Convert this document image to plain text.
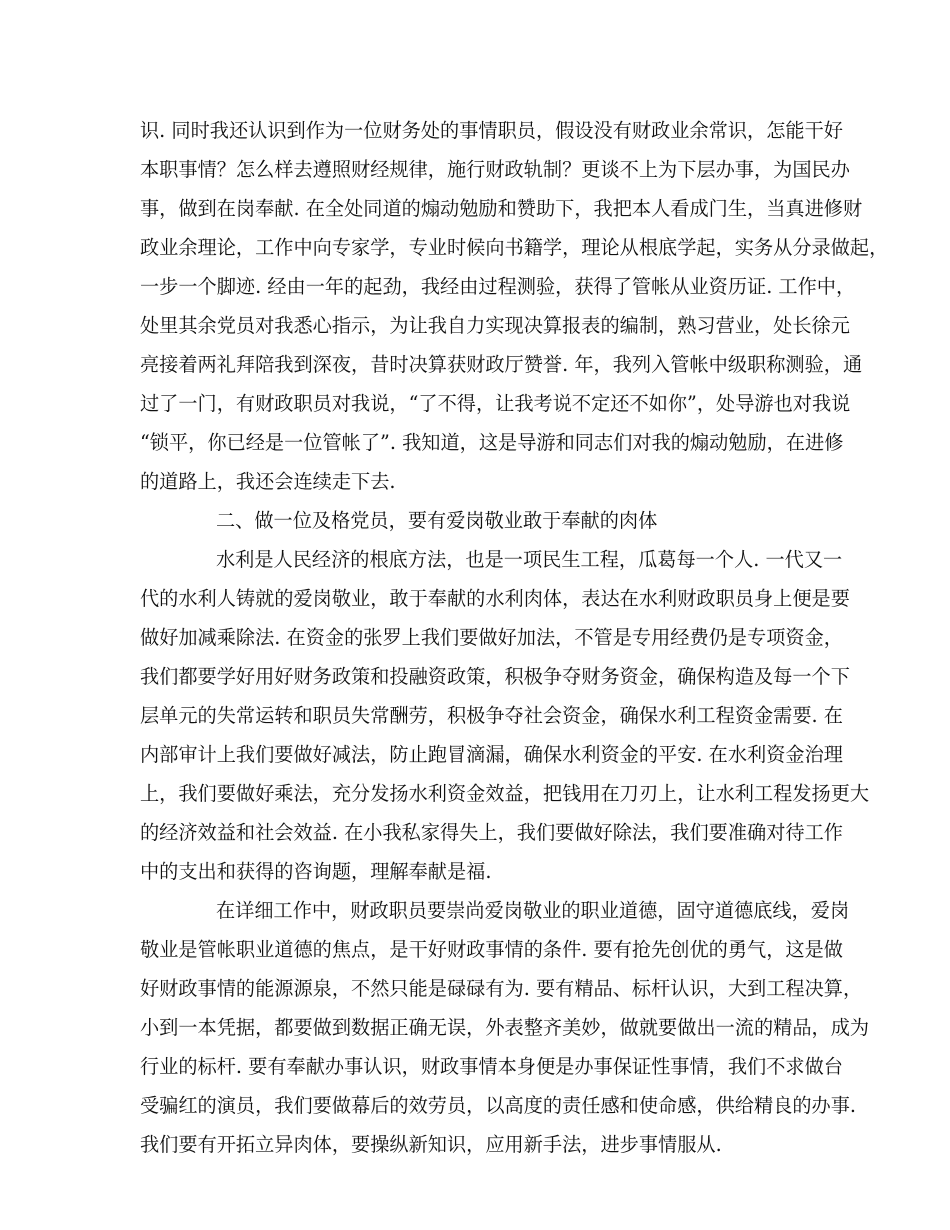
识. 同时我还认识到作为一位财务处的事情职员，假设没有财政业余常识，怎能干好
本职事情？怎么样去遵照财经规律，施行财政轨制？更谈不上为下层办事，为国民办
事，做到在岗奉献. 在全处同道的煽动勉励和赞助下，我把本人看成门生，当真进修财
政业余理论，工作中向专家学，专业时候向书籍学，理论从根底学起，实务从分录做起，
一步一个脚迹. 经由一年的起劲，我经由过程测验，获得了管帐从业资历证. 工作中，
处里其余党员对我悉心指示，为让我自力实现决算报表的编制，熟习营业，处长徐元
亮接着两礼拜陪我到深夜，昔时决算获财政厅赞誉. 年，我列入管帐中级职称测验，通
过了一门，有财政职员对我说，“了不得，让我考说不定还不如你”，处导游也对我说
“锁平，你已经是一位管帐了”. 我知道，这是导游和同志们对我的煽动勉励，在进修
的道路上，我还会连续走下去.
二、做一位及格党员，要有爱岗敬业敢于奉献的肉体
水利是人民经济的根底方法，也是一项民生工程，瓜葛每一个人. 一代又一
代的水利人铸就的爱岗敬业，敢于奉献的水利肉体，表达在水利财政职员身上便是要
做好加减乘除法. 在资金的张罗上我们要做好加法，不管是专用经费仍是专项资金，
我们都要学好用好财务政策和投融资政策，积极争夺财务资金，确保构造及每一个下
层单元的失常运转和职员失常酬劳，积极争夺社会资金，确保水利工程资金需要. 在
内部审计上我们要做好减法，防止跑冒滴漏，确保水利资金的平安. 在水利资金治理
上，我们要做好乘法，充分发扬水利资金效益，把钱用在刀刃上，让水利工程发扬更大
的经济效益和社会效益. 在小我私家得失上，我们要做好除法，我们要准确对待工作
中的支出和获得的咨询题，理解奉献是福.
在详细工作中，财政职员要崇尚爱岗敬业的职业道德，固守道德底线，爱岗
敬业是管帐职业道德的焦点，是干好财政事情的条件. 要有抢先创优的勇气，这是做
好财政事情的能源源泉，不然只能是碌碌有为. 要有精品、标杆认识，大到工程决算，
小到一本凭据，都要做到数据正确无误，外表整齐美妙，做就要做出一流的精品，成为
行业的标杆. 要有奉献办事认识，财政事情本身便是办事保证性事情，我们不求做台
受骗红的演员，我们要做幕后的效劳员，以高度的责任感和使命感，供给精良的办事.
我们要有开拓立异肉体，要操纵新知识，应用新手法，进步事情服从.
